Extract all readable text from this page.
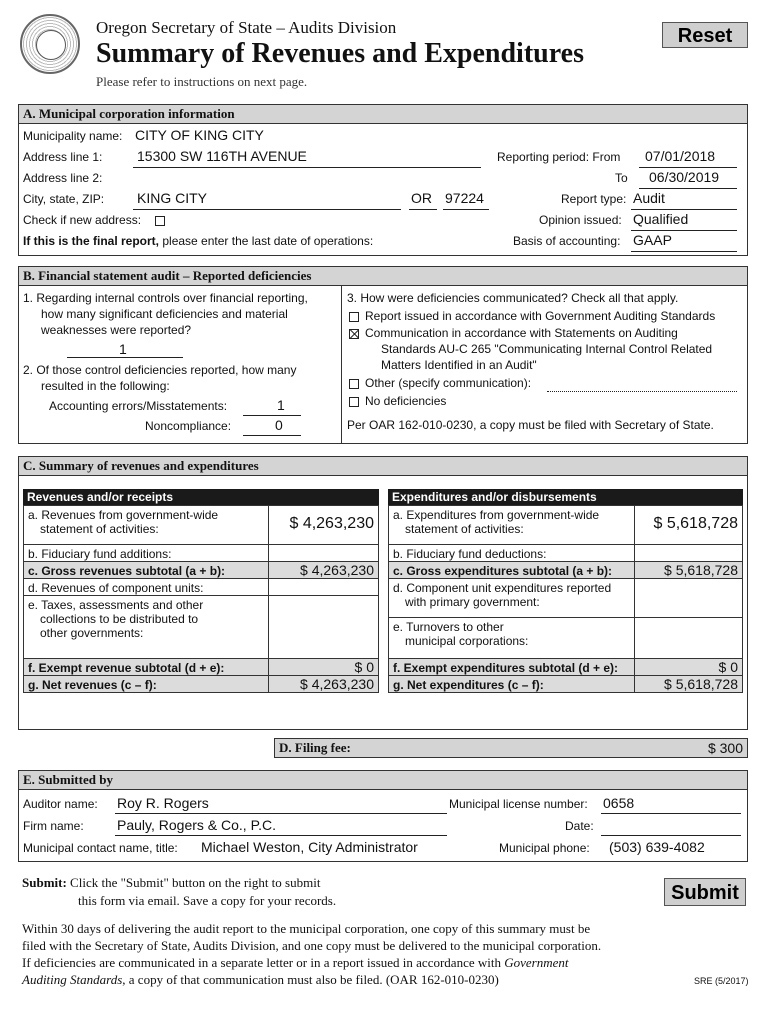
Oregon Secretary of State – Audits Division
Summary of Revenues and Expenditures
Please refer to instructions on next page.
Reset
A. Municipal corporation information
Municipality name: CITY OF KING CITY
Address line 1: 15300 SW 116TH AVENUE
Address line 2:
City, state, ZIP: KING CITY	OR 97224
Check if new address:
If this is the final report, please enter the last date of operations:
Reporting period: From 07/01/2018
To 06/30/2019
Report type: Audit
Opinion issued: Qualified
Basis of accounting: GAAP
B. Financial statement audit – Reported deficiencies
1. Regarding internal controls over financial reporting,
how many significant deficiencies and material
weaknesses were reported?
1
2. Of those control deficiencies reported, how many
resulted in the following:
Accounting errors/Misstatements:	1
Noncompliance:	0
3. How were deficiencies communicated? Check all that apply.
Report issued in accordance with Government Auditing Standards
Communication in accordance with Statements on Auditing
Standards AU-C 265 "Communicating Internal Control Related
Matters Identified in an Audit"
Other (specify communication):
No deficiencies
Per OAR 162-010-0230, a copy must be filed with Secretary of State.
C. Summary of revenues and expenditures
Revenues and/or receipts
a. Revenues from government-wide
statement of activities:	$ 4,263,230
b. Fiduciary fund additions:
c. Gross revenues subtotal (a + b):	$ 4,263,230
d. Revenues of component units:
e. Taxes, assessments and other
collections to be distributed to
other governments:
f. Exempt revenue subtotal (d + e):	$ 0
g. Net revenues (c – f):	$ 4,263,230
Expenditures and/or disbursements
a. Expenditures from government-wide
statement of activities:	$ 5,618,728
b. Fiduciary fund deductions:
c. Gross expenditures subtotal (a + b):	$ 5,618,728
d. Component unit expenditures reported
with primary government:
e. Turnovers to other
municipal corporations:
f. Exempt expenditures subtotal (d + e):	$ 0
g. Net expenditures (c – f):	$ 5,618,728
D. Filing fee:	$ 300
E. Submitted by
Auditor name: Roy R. Rogers	Municipal license number: 0658
Firm name: Pauly, Rogers & Co., P.C.	Date:
Municipal contact name, title: Michael Weston, City Administrator	Municipal phone: (503) 639-4082
Submit: Click the "Submit" button on the right to submit
this form via email. Save a copy for your records.	Submit
Within 30 days of delivering the audit report to the municipal corporation, one copy of this summary must be
filed with the Secretary of State, Audits Division, and one copy must be delivered to the municipal corporation.
If deficiencies are communicated in a separate letter or in a report issued in accordance with Government
Auditing Standards, a copy of that communication must also be filed. (OAR 162-010-0230)	SRE (5/2017)
